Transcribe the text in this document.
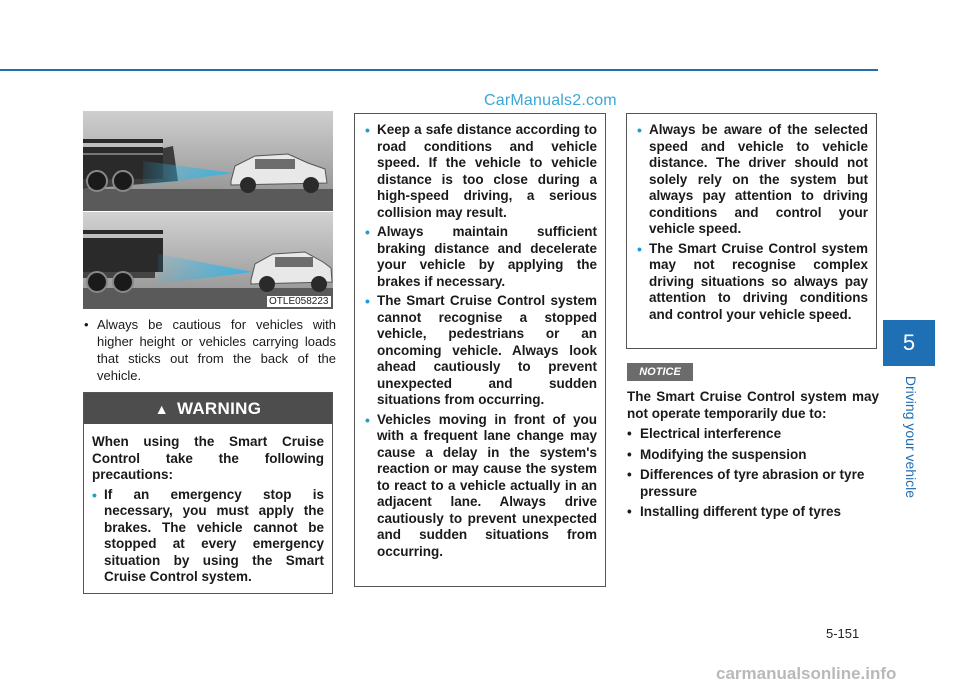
CarManuals2.com
OTLE058223
• Always be cautious for vehicles with higher height or vehicles carrying loads that sticks out from the back of the vehicle.
▲ WARNING

When using the Smart Cruise Control take the following precautions:

• If an emergency stop is necessary, you must apply the brakes. The vehicle cannot be stopped at every emergency situation by using the Smart Cruise Control system.
• Keep a safe distance according to road conditions and vehicle speed. If the vehicle to vehicle distance is too close during a high-speed driving, a serious collision may result.
• Always maintain sufficient braking distance and decelerate your vehicle by applying the brakes if necessary.
• The Smart Cruise Control system cannot recognise a stopped vehicle, pedestrians or an oncoming vehicle. Always look ahead cautiously to prevent unexpected and sudden situations from occurring.
• Vehicles moving in front of you with a frequent lane change may cause a delay in the system's reaction or may cause the system to react to a vehicle actually in an adjacent lane. Always drive cautiously to prevent unexpected and sudden situations from occurring.
• Always be aware of the selected speed and vehicle to vehicle distance. The driver should not solely rely on the system but always pay attention to driving conditions and control your vehicle speed.
• The Smart Cruise Control system may not recognise complex driving situations so always pay attention to driving conditions and control your vehicle speed.
NOTICE

The Smart Cruise Control system may not operate temporarily due to:

• Electrical interference
• Modifying the suspension
• Differences of tyre abrasion or tyre pressure
• Installing different type of tyres
5
Driving your vehicle
5-151
carmanualsonline.info
